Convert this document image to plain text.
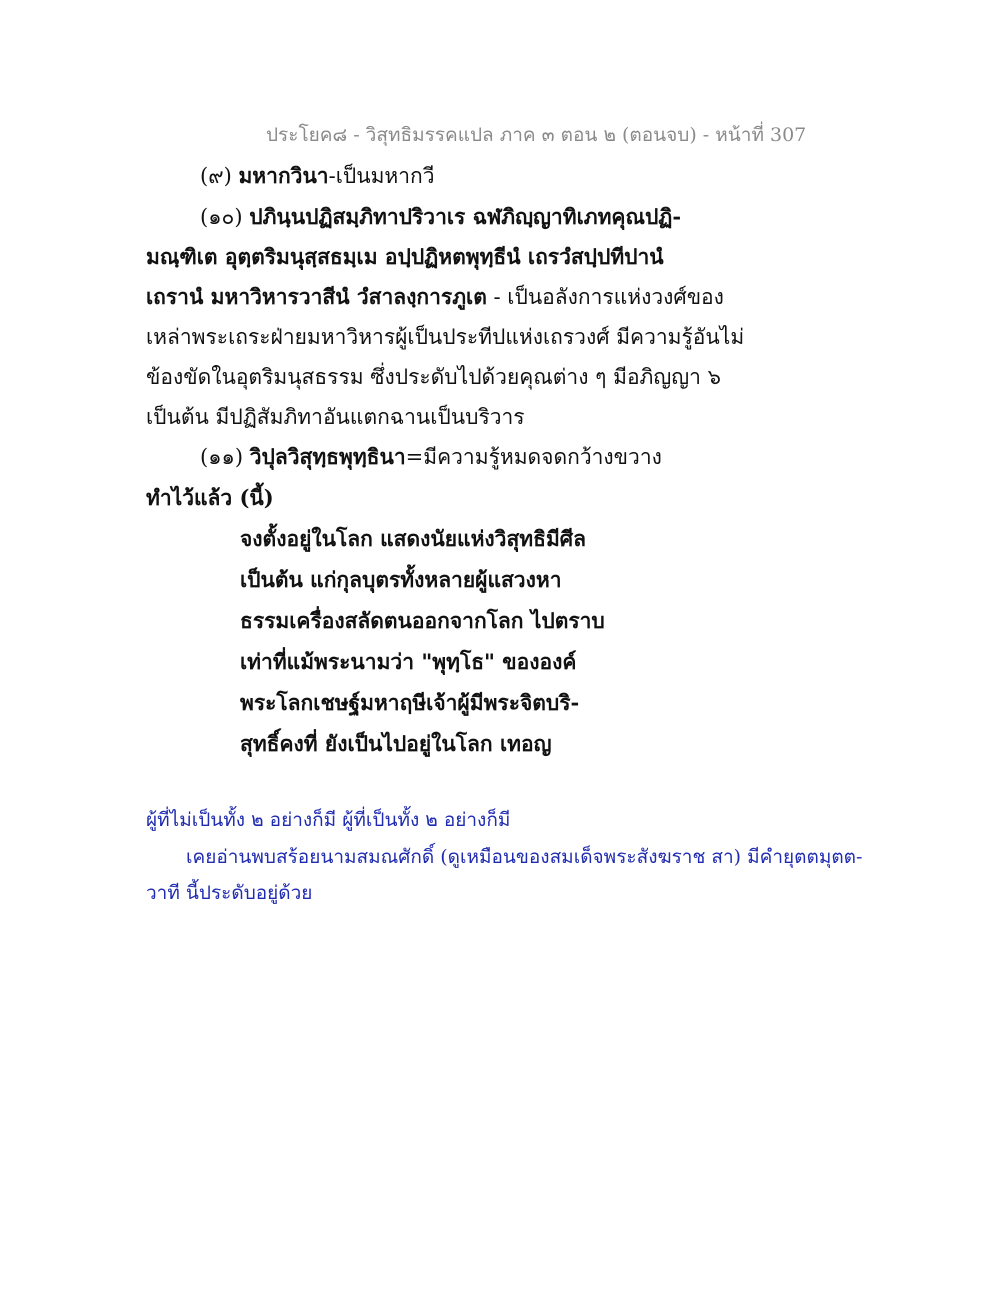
ประโยค๘ - วิสุทธิมรรคแปล ภาค ๓ ตอน ๒ (ตอนจบ) - หน้าที่ 307
(๙) มหากวินา-เป็นมหากวี
(๑๐) ปภินฺนปฏิสมฺภิทาปริวาเร ฉฬภิญฺญาทิเภทคุณปฏิ-
มณฺฑิเต อุตฺตริมนุสฺสธมฺเม อปฺปฏิหตพุทฺธีนํ เถรวํสปฺปทีปานํ
เถรานํ มหาวิหารวาสีนํ วํสาลงฺการภูเต - เป็นอลังการแห่งวงศ์ของ
เหล่าพระเถระฝ่ายมหาวิหารผู้เป็นประทีปแห่งเถรวงศ์ มีความรู้อันไม่
ข้องขัดในอุตริมนุสธรรม ซึ่งประดับไปด้วยคุณต่าง ๆ มีอภิญญา ๖
เป็นต้น มีปฏิสัมภิทาอันแตกฉานเป็นบริวาร
(๑๑) วิปุลวิสุทฺธพุทฺธินา=มีความรู้หมดจดกว้างขวาง
ทำไว้แล้ว (นี้)
จงตั้งอยู่ในโลก แสดงนัยแห่งวิสุทธิมีศีล
เป็นต้น แก่กุลบุตรทั้งหลายผู้แสวงหา
ธรรมเครื่องสลัดตนออกจากโลก ไปตราบ
เท่าที่แม้พระนามว่า "พุทฺโธ" ขององค์
พระโลกเชษฐ์มหาฤษีเจ้าผู้มีพระจิตบริ-
สุทธิ์คงที่ ยังเป็นไปอยู่ในโลก เทอญ
ผู้ที่ไม่เป็นทั้ง ๒ อย่างก็มี ผู้ที่เป็นทั้ง ๒ อย่างก็มี
เคยอ่านพบสร้อยนามสมณศักดิ์ (ดูเหมือนของสมเด็จพระสังฆราช สา) มีคำยุตตมุตต-
วาที นี้ประดับอยู่ด้วย
